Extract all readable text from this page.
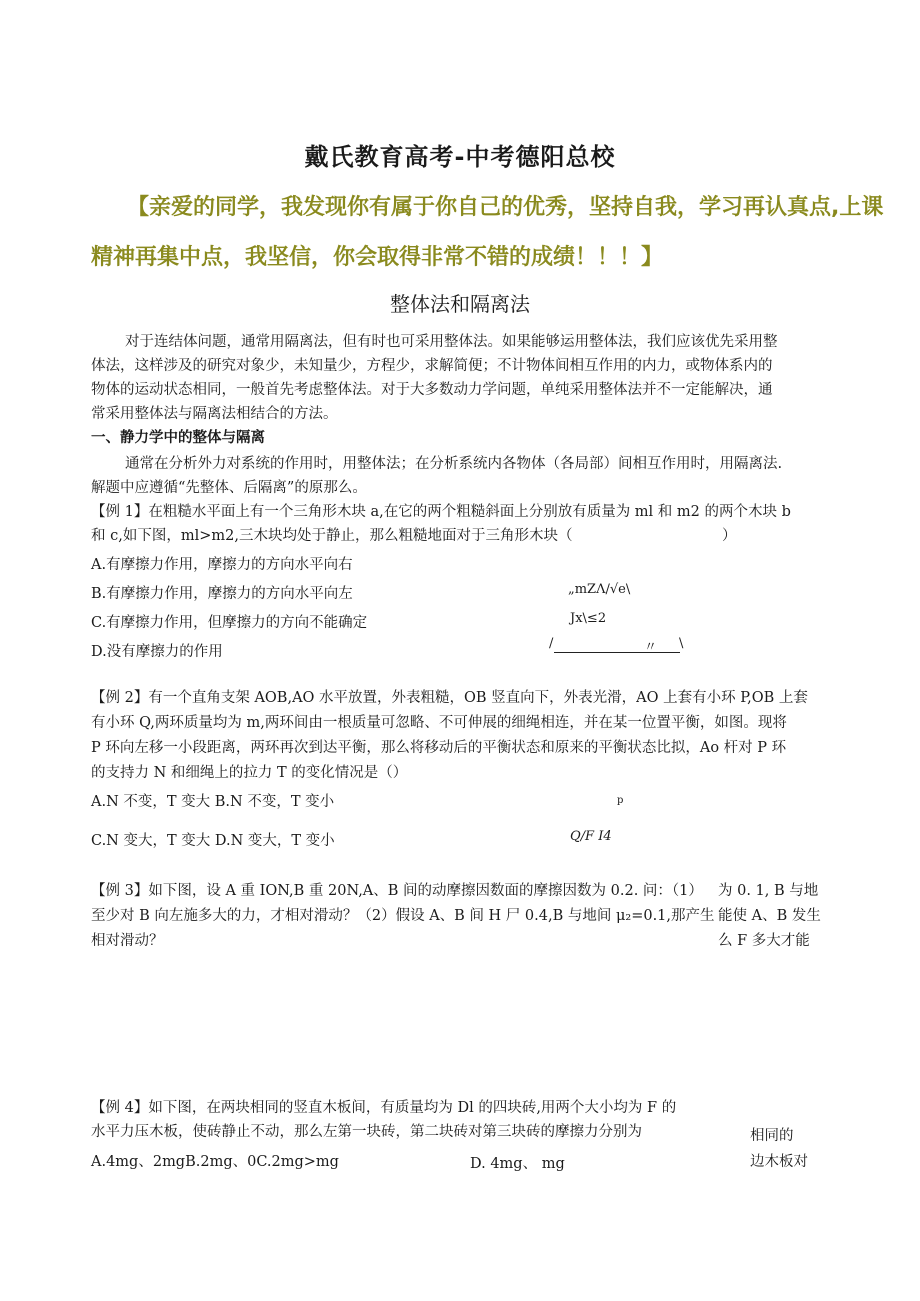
戴氏教育高考-中考德阳总校
【亲爱的同学，我发现你有属于你自己的优秀，坚持自我，学习再认真点,上课
精神再集中点，我坚信，你会取得非常不错的成绩！！！】
整体法和隔离法
对于连结体问题，通常用隔离法，但有时也可采用整体法。如果能够运用整体法，我们应该优先采用整
体法，这样涉及的研究对象少，未知量少，方程少，求解简便；不计物体间相互作用的内力，或物体系内的
物体的运动状态相同，一般首先考虑整体法。对于大多数动力学问题，单纯采用整体法并不一定能解决，通
常采用整体法与隔离法相结合的方法。
一、静力学中的整体与隔离
通常在分析外力对系统的作用时，用整体法；在分析系统内各物体（各局部）间相互作用时，用隔离法.
解题中应遵循“先整体、后隔离”的原那么。
【例 1】在粗糙水平面上有一个三角形木块 a,在它的两个粗糙斜面上分别放有质量为 ml 和 m2 的两个木块 b
和 c,如下图，ml>m2,三木块均处于静止，那么粗糙地面对于三角形木块（	）
A.有摩擦力作用，摩擦力的方向水平向右
B.有摩擦力作用，摩擦力的方向水平向左
C.有摩擦力作用，但摩擦力的方向不能确定
D.没有摩擦力的作用
„mZΛ/√e\
Jx\≤2
/	〃 \
【例 2】有一个直角支架 AOB,AO 水平放置，外表粗糙，OB 竖直向下，外表光滑，AO 上套有小环 P,OB 上套
有小环 Q,两环质量均为 m,两环间由一根质量可忽略、不可伸展的细绳相连，并在某一位置平衡，如图。现将
P 环向左移一小段距离，两环再次到达平衡，那么将移动后的平衡状态和原来的平衡状态比拟，Ao 杆对 P 环
的支持力 N 和细绳上的拉力 T 的变化情况是（）
A.N 不变，T 变大 B.N 不变，T 变小
C.N 变大，T 变大 D.N 变大，T 变小
p
Q∕F I4
【例 3】如下图，设 A 重 ION,B 重 20N,A、B 间的动摩擦因数面的摩擦因数为 0.2. 问：（1）
至少对 B 向左施多大的力，才相对滑动？（2）假设 A、B 间 H 尸 0.4,B 与地间 μ₂=0.1,那产生
相对滑动？
为 0. 1, B 与地
能使 A、B 发生
么 F 多大才能
【例 4】如下图，在两块相同的竖直木板间，有质量均为 Dl 的四块砖,用两个大小均为 F 的
水平力压木板，使砖静止不动，那么左第一块砖，第二块砖对第三块砖的摩擦力分别为
A.4mg、2mgB.2mg、0C.2mg>mg	D. 4mg、 mg
相同的
边木板对
